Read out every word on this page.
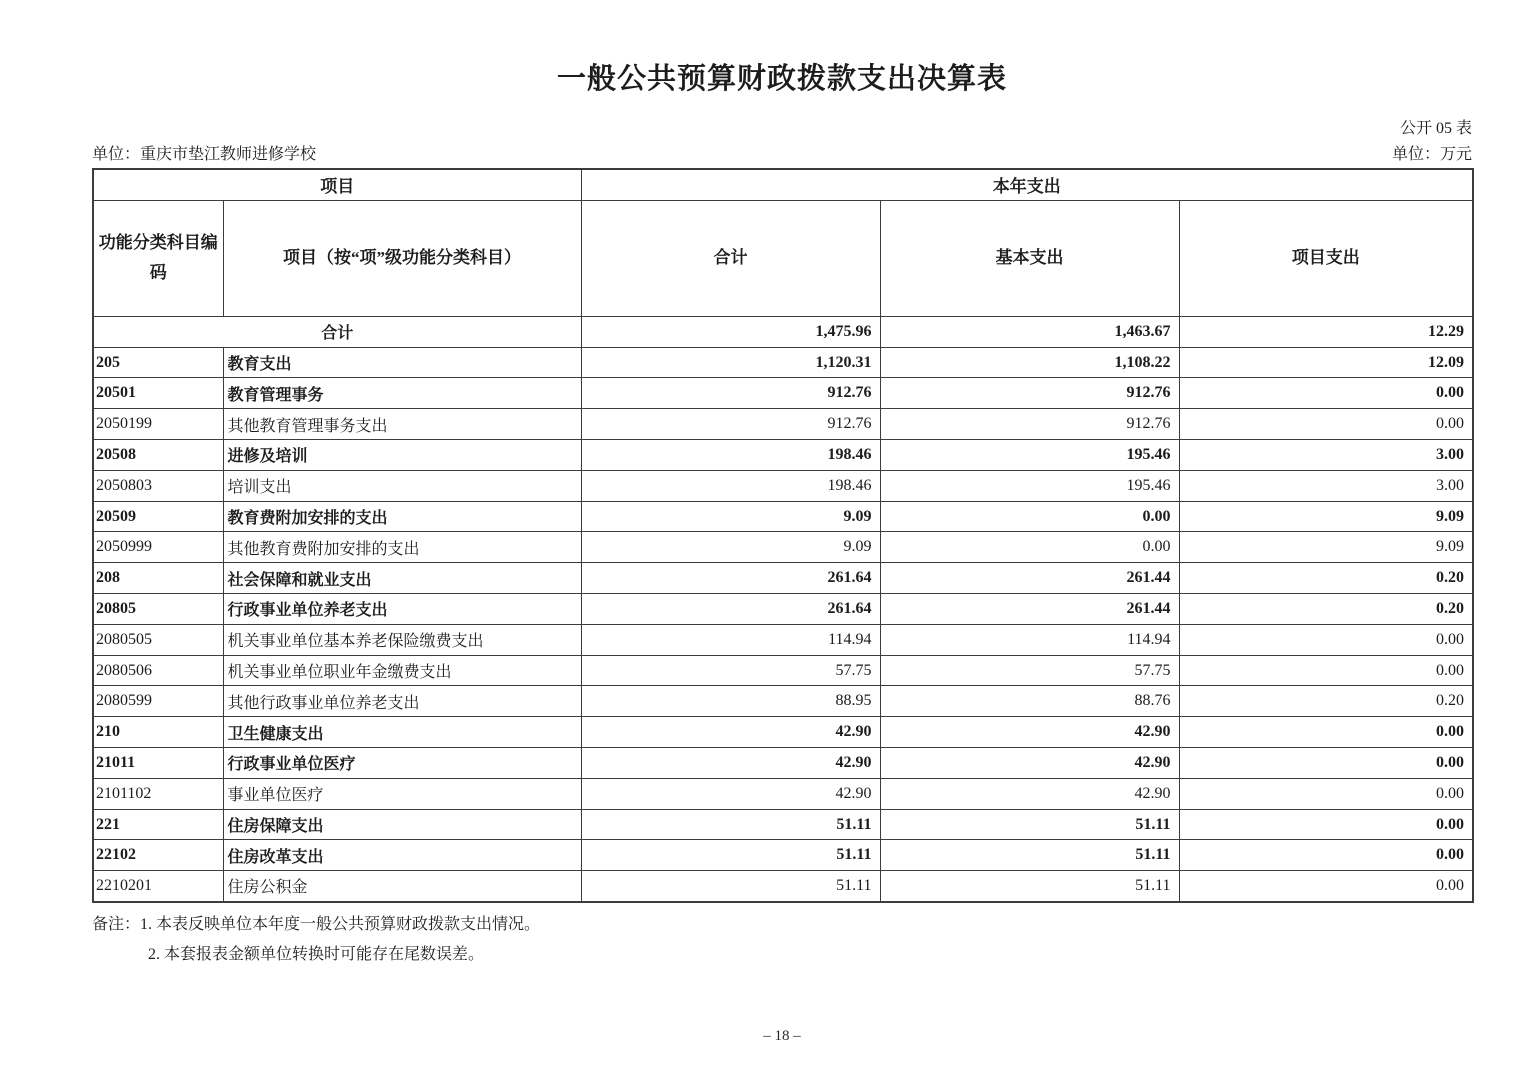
一般公共预算财政拨款支出决算表
公开 05 表
单位：重庆市垫江教师进修学校	单位：万元
项目		本年支出		
功能分类科目编码	项目（按“项”级功能分类科目）	合计	基本支出	项目支出
合计		1,475.96	1,463.67	12.29
205	教育支出	1,120.31	1,108.22	12.09
20501	教育管理事务	912.76	912.76	0.00
2050199	其他教育管理事务支出	912.76	912.76	0.00
20508	进修及培训	198.46	195.46	3.00
2050803	培训支出	198.46	195.46	3.00
20509	教育费附加安排的支出	9.09	0.00	9.09
2050999	其他教育费附加安排的支出	9.09	0.00	9.09
208	社会保障和就业支出	261.64	261.44	0.20
20805	行政事业单位养老支出	261.64	261.44	0.20
2080505	机关事业单位基本养老保险缴费支出	114.94	114.94	0.00
2080506	机关事业单位职业年金缴费支出	57.75	57.75	0.00
2080599	其他行政事业单位养老支出	88.95	88.76	0.20
210	卫生健康支出	42.90	42.90	0.00
21011	行政事业单位医疗	42.90	42.90	0.00
2101102	事业单位医疗	42.90	42.90	0.00
221	住房保障支出	51.11	51.11	0.00
22102	住房改革支出	51.11	51.11	0.00
2210201	住房公积金	51.11	51.11	0.00
备注：1. 本表反映单位本年度一般公共预算财政拨款支出情况。
2. 本套报表金额单位转换时可能存在尾数误差。
– 18 –
